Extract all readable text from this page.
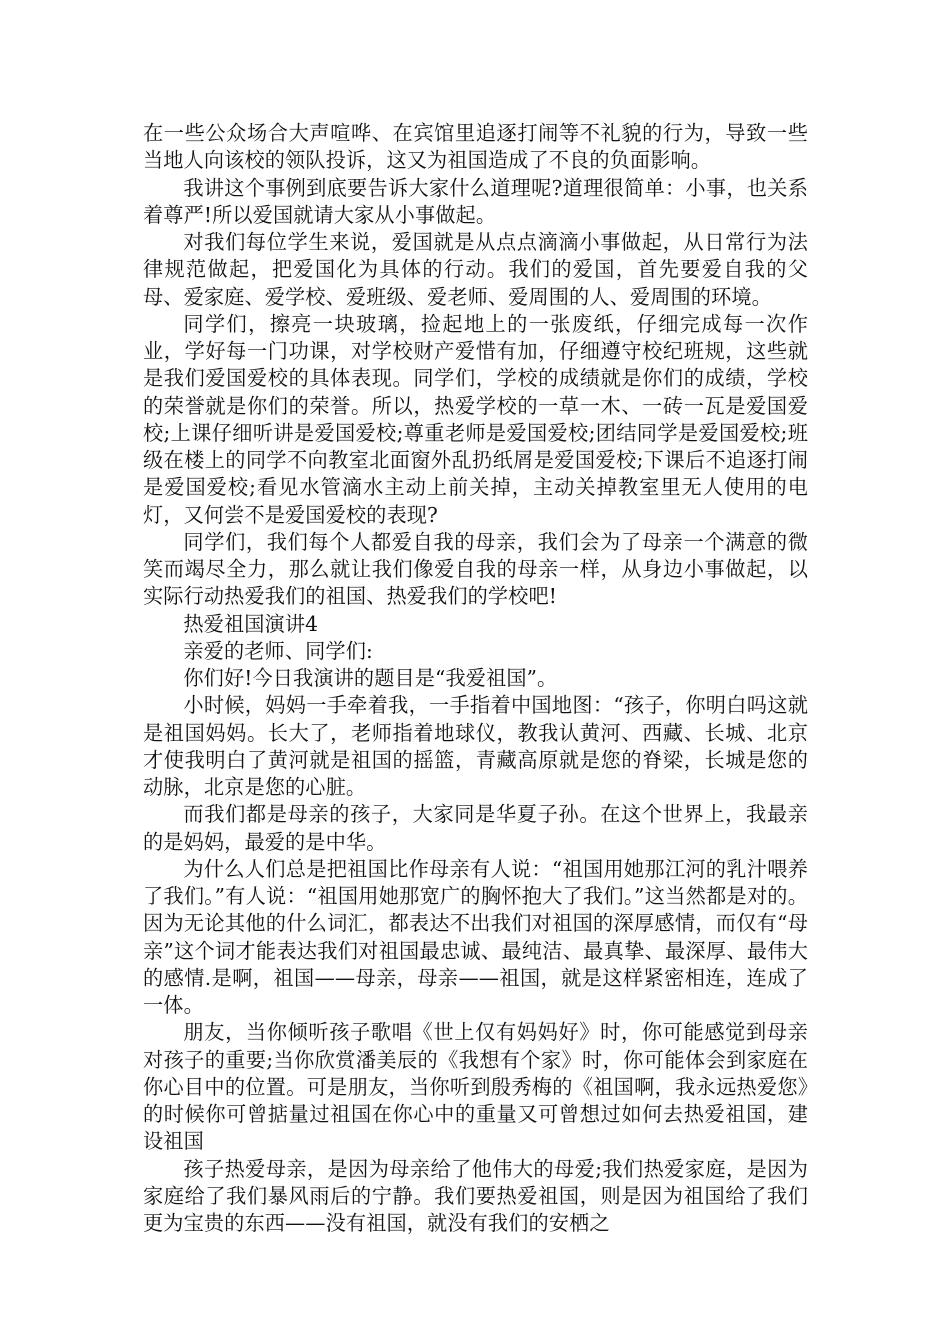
在一些公众场合大声喧哗、在宾馆里追逐打闹等不礼貌的行为，导致一些当地人向该校的领队投诉，这又为祖国造成了不良的负面影响。

我讲这个事例到底要告诉大家什么道理呢?道理很简单：小事，也关系着尊严!所以爱国就请大家从小事做起。

对我们每位学生来说，爱国就是从点点滴滴小事做起，从日常行为法律规范做起，把爱国化为具体的行动。我们的爱国，首先要爱自我的父母、爱家庭、爱学校、爱班级、爱老师、爱周围的人、爱周围的环境。

同学们，擦亮一块玻璃，捡起地上的一张废纸，仔细完成每一次作业，学好每一门功课，对学校财产爱惜有加，仔细遵守校纪班规，这些就是我们爱国爱校的具体表现。同学们，学校的成绩就是你们的成绩，学校的荣誉就是你们的荣誉。所以，热爱学校的一草一木、一砖一瓦是爱国爱校;上课仔细听讲是爱国爱校;尊重老师是爱国爱校;团结同学是爱国爱校;班级在楼上的同学不向教室北面窗外乱扔纸屑是爱国爱校;下课后不追逐打闹是爱国爱校;看见水管滴水主动上前关掉，主动关掉教室里无人使用的电灯，又何尝不是爱国爱校的表现?

同学们，我们每个人都爱自我的母亲，我们会为了母亲一个满意的微笑而竭尽全力，那么就让我们像爱自我的母亲一样，从身边小事做起，以实际行动热爱我们的祖国、热爱我们的学校吧!

热爱祖国演讲4

亲爱的老师、同学们:

你们好!今日我演讲的题目是“我爱祖国”。

小时候，妈妈一手牵着我，一手指着中国地图：“孩子，你明白吗这就是祖国妈妈。长大了，老师指着地球仪，教我认黄河、西藏、长城、北京才使我明白了黄河就是祖国的摇篮，青藏高原就是您的脊梁，长城是您的动脉，北京是您的心脏。

而我们都是母亲的孩子，大家同是华夏子孙。在这个世界上，我最亲的是妈妈，最爱的是中华。

为什么人们总是把祖国比作母亲有人说：“祖国用她那江河的乳汁喂养了我们。”有人说：“祖国用她那宽广的胸怀抱大了我们。”这当然都是对的。因为无论其他的什么词汇，都表达不出我们对祖国的深厚感情，而仅有“母亲”这个词才能表达我们对祖国最忠诚、最纯洁、最真挚、最深厚、最伟大的感情.是啊，祖国——母亲，母亲——祖国，就是这样紧密相连，连成了一体。

朋友，当你倾听孩子歌唱《世上仅有妈妈好》时，你可能感觉到母亲对孩子的重要;当你欣赏潘美辰的《我想有个家》时，你可能体会到家庭在你心目中的位置。可是朋友，当你听到殷秀梅的《祖国啊，我永远热爱您》的时候你可曾掂量过祖国在你心中的重量又可曾想过如何去热爱祖国，建设祖国

孩子热爱母亲，是因为母亲给了他伟大的母爱;我们热爱家庭，是因为家庭给了我们暴风雨后的宁静。我们要热爱祖国，则是因为祖国给了我们更为宝贵的东西——没有祖国，就没有我们的安栖之
